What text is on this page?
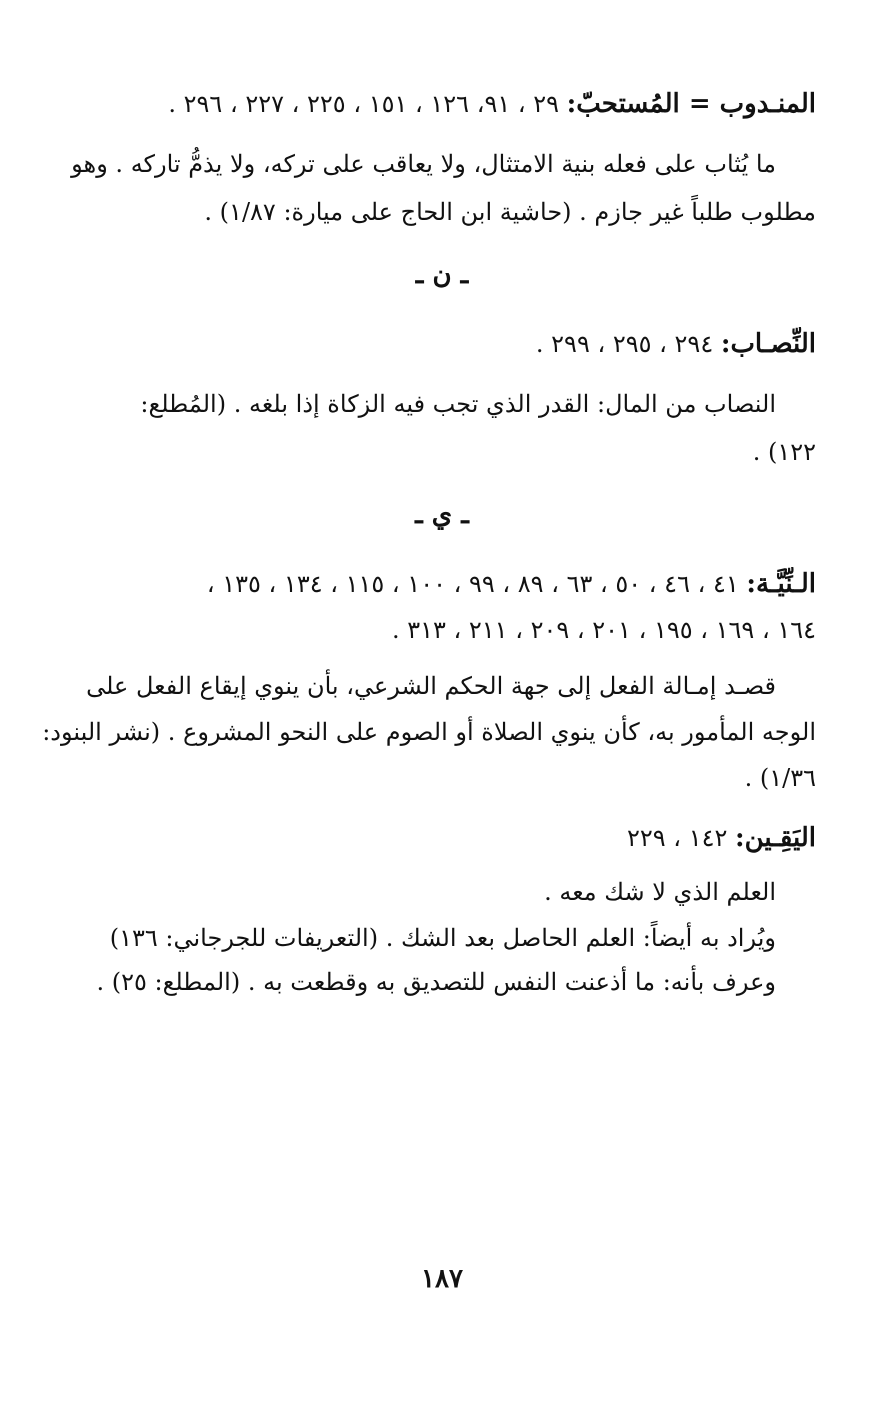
المنـدوب = المُستحبّ: ٢٩ ، ٩١، ١٢٦ ، ١٥١ ، ٢٢٥ ، ٢٢٧ ، ٢٩٦ .
ما يُثاب على فعله بنية الامتثال، ولا يعاقب على تركه، ولا يذمُّ تاركه . وهو
مطلوب طلباً غير جازم . (حاشية ابن الحاج على ميارة: ١/٨٧) .
ـ ن ـ
النِّصـاب: ٢٩٤ ، ٢٩٥ ، ٢٩٩ .
النصاب من المال: القدر الذي تجب فيه الزكاة إذا بلغه . (المُطلع:
١٢٢) .
ـ ي ـ
الـنِّيَّـة: ٤١ ، ٤٦ ، ٥٠ ، ٦٣ ، ٨٩ ، ٩٩ ، ١٠٠ ، ١١٥ ، ١٣٤ ، ١٣٥ ،
١٦٤ ، ١٦٩ ، ١٩٥ ، ٢٠١ ، ٢٠٩ ، ٢١١ ، ٣١٣ .
قصـد إمـالة الفعل إلى جهة الحكم الشرعي، بأن ينوي إيقاع الفعل على
الوجه المأمور به، كأن ينوي الصلاة أو الصوم على النحو المشروع . (نشر البنود:
١/٣٦) .
اليَقِـين: ١٤٢ ، ٢٢٩
العلم الذي لا شك معه .
ويُراد به أيضاً: العلم الحاصل بعد الشك . (التعريفات للجرجاني: ١٣٦)
وعرف بأنه: ما أذعنت النفس للتصديق به وقطعت به . (المطلع: ٢٥) .
١٨٧
